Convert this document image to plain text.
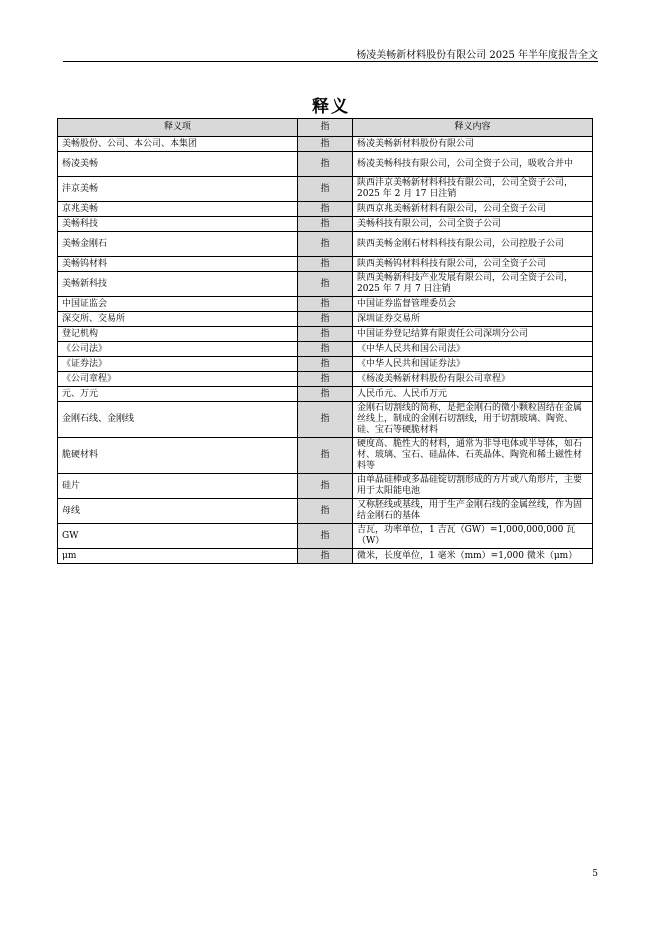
杨凌美畅新材料股份有限公司 2025 年半年度报告全文
释义
释义项	指	释义内容
美畅股份、公司、本公司、本集团	指	杨凌美畅新材料股份有限公司
杨凌美畅	指	杨凌美畅科技有限公司，公司全资子公司，吸收合并中
沣京美畅	指	陕西沣京美畅新材料科技有限公司，公司全资子公司，2025 年 2 月 17 日注销
京兆美畅	指	陕西京兆美畅新材料有限公司，公司全资子公司
美畅科技	指	美畅科技有限公司，公司全资子公司
美畅金刚石	指	陕西美畅金刚石材料科技有限公司，公司控股子公司
美畅钨材料	指	陕西美畅钨材料科技有限公司，公司全资子公司
美畅新科技	指	陕西美畅新科技产业发展有限公司，公司全资子公司，2025 年 7 月 7 日注销
中国证监会	指	中国证券监督管理委员会
深交所、交易所	指	深圳证券交易所
登记机构	指	中国证券登记结算有限责任公司深圳分公司
《公司法》	指	《中华人民共和国公司法》
《证券法》	指	《中华人民共和国证券法》
《公司章程》	指	《杨凌美畅新材料股份有限公司章程》
元、万元	指	人民币元、人民币万元
金刚石线、金刚线	指	金刚石切割线的简称，是把金刚石的微小颗粒固结在金属丝线上，制成的金刚石切割线，用于切割玻璃、陶瓷、硅、宝石等硬脆材料
脆硬材料	指	硬度高、脆性大的材料，通常为非导电体或半导体，如石材、玻璃、宝石、硅晶体、石英晶体、陶瓷和稀土磁性材料等
硅片	指	由单晶硅棒或多晶硅锭切割形成的方片或八角形片，主要用于太阳能电池
母线	指	又称胚线或基线，用于生产金刚石线的金属丝线，作为固结金刚石的基体
GW	指	吉瓦，功率单位，1 吉瓦（GW）=1,000,000,000 瓦（W）
μm	指	微米，长度单位，1 毫米（mm）=1,000 微米（μm）
5
